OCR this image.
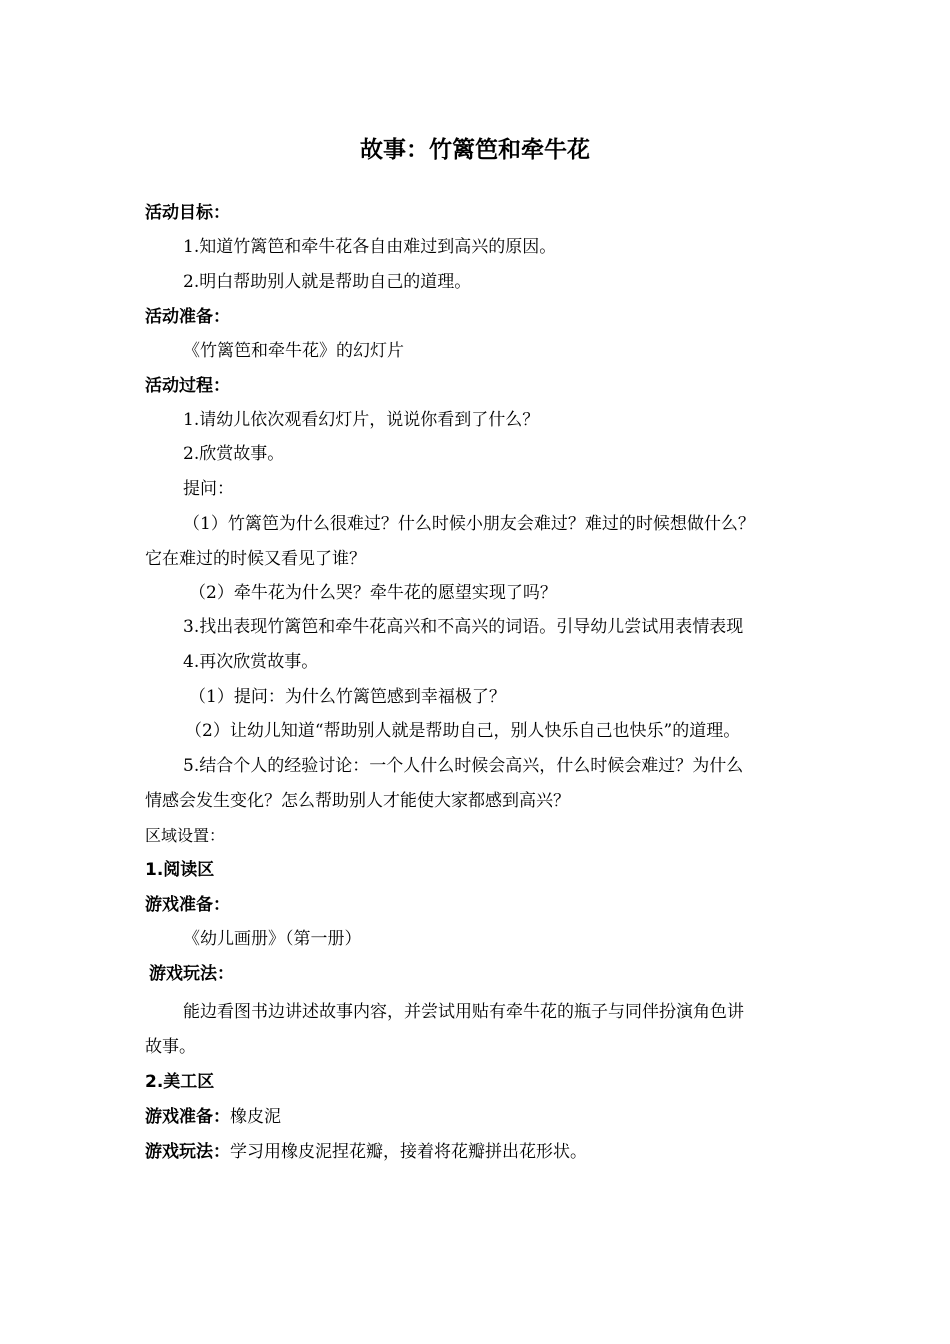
故事：竹篱笆和牵牛花
活动目标：
1.知道竹篱笆和牵牛花各自由难过到高兴的原因。
2.明白帮助别人就是帮助自己的道理。
活动准备：
《竹篱笆和牵牛花》的幻灯片
活动过程：
1.请幼儿依次观看幻灯片，说说你看到了什么？
2.欣赏故事。
提问：
（1）竹篱笆为什么很难过？什么时候小朋友会难过？难过的时候想做什么？
它在难过的时候又看见了谁？
（2）牵牛花为什么哭？牵牛花的愿望实现了吗？
3.找出表现竹篱笆和牵牛花高兴和不高兴的词语。引导幼儿尝试用表情表现
4.再次欣赏故事。
（1）提问：为什么竹篱笆感到幸福极了？
（2）让幼儿知道“帮助别人就是帮助自己，别人快乐自己也快乐”的道理。
5.结合个人的经验讨论：一个人什么时候会高兴，什么时候会难过？为什么
情感会发生变化？怎么帮助别人才能使大家都感到高兴？
区域设置：
1.阅读区
游戏准备：
《幼儿画册》（第一册）
游戏玩法：
能边看图书边讲述故事内容，并尝试用贴有牵牛花的瓶子与同伴扮演角色讲
故事。
2.美工区
游戏准备：橡皮泥
游戏玩法：学习用橡皮泥捏花瓣，接着将花瓣拼出花形状。
